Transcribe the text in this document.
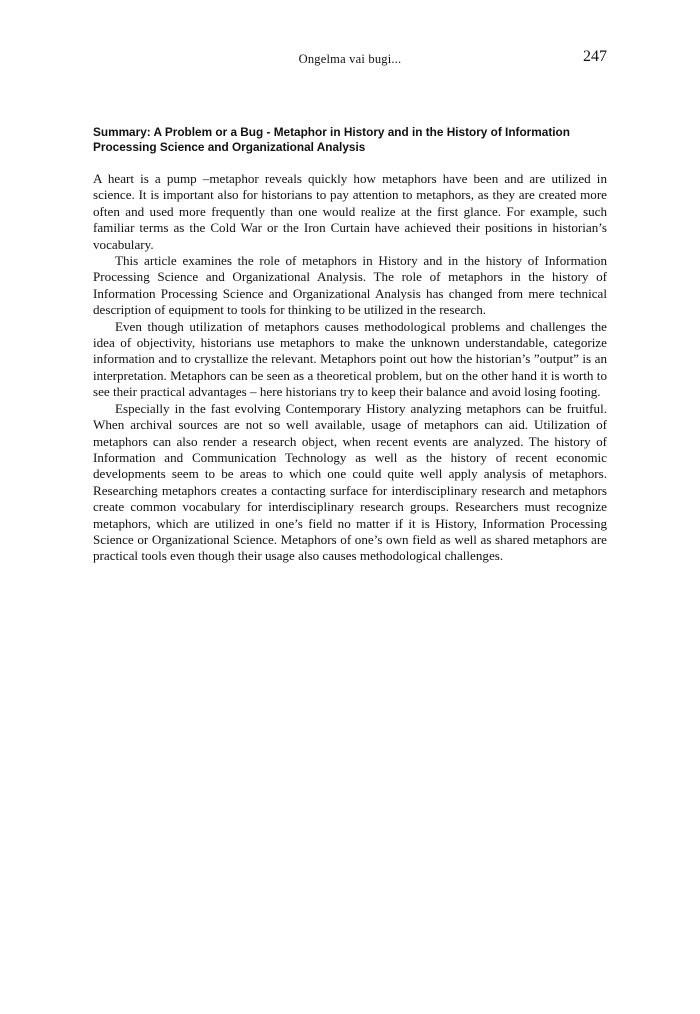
Ongelma vai bugi...	247
Summary: A Problem or a Bug - Metaphor in History and in the History of Information Processing Science and Organizational Analysis

A heart is a pump –metaphor reveals quickly how metaphors have been and are utilized in science. It is important also for historians to pay attention to metaphors, as they are created more often and used more frequently than one would realize at the first glance. For example, such familiar terms as the Cold War or the Iron Curtain have achieved their positions in historian’s vocabulary.

This article examines the role of metaphors in History and in the history of Information Processing Science and Organizational Analysis. The role of metaphors in the history of Information Processing Science and Organizational Analysis has changed from mere technical description of equipment to tools for thinking to be utilized in the research.

Even though utilization of metaphors causes methodological problems and challenges the idea of objectivity, historians use metaphors to make the unknown understandable, categorize information and to crystallize the relevant. Metaphors point out how the historian’s ”output” is an interpretation. Metaphors can be seen as a theoretical problem, but on the other hand it is worth to see their practical advantages – here historians try to keep their balance and avoid losing footing.

Especially in the fast evolving Contemporary History analyzing metaphors can be fruitful. When archival sources are not so well available, usage of metaphors can aid. Utilization of metaphors can also render a research object, when recent events are analyzed. The history of Information and Communication Technology as well as the history of recent economic developments seem to be areas to which one could quite well apply analysis of metaphors. Researching metaphors creates a contacting surface for interdisciplinary research and metaphors create common vocabulary for interdisciplinary research groups. Researchers must recognize metaphors, which are utilized in one’s field no matter if it is History, Information Processing Science or Organizational Science. Metaphors of one’s own field as well as shared metaphors are practical tools even though their usage also causes methodological challenges.
